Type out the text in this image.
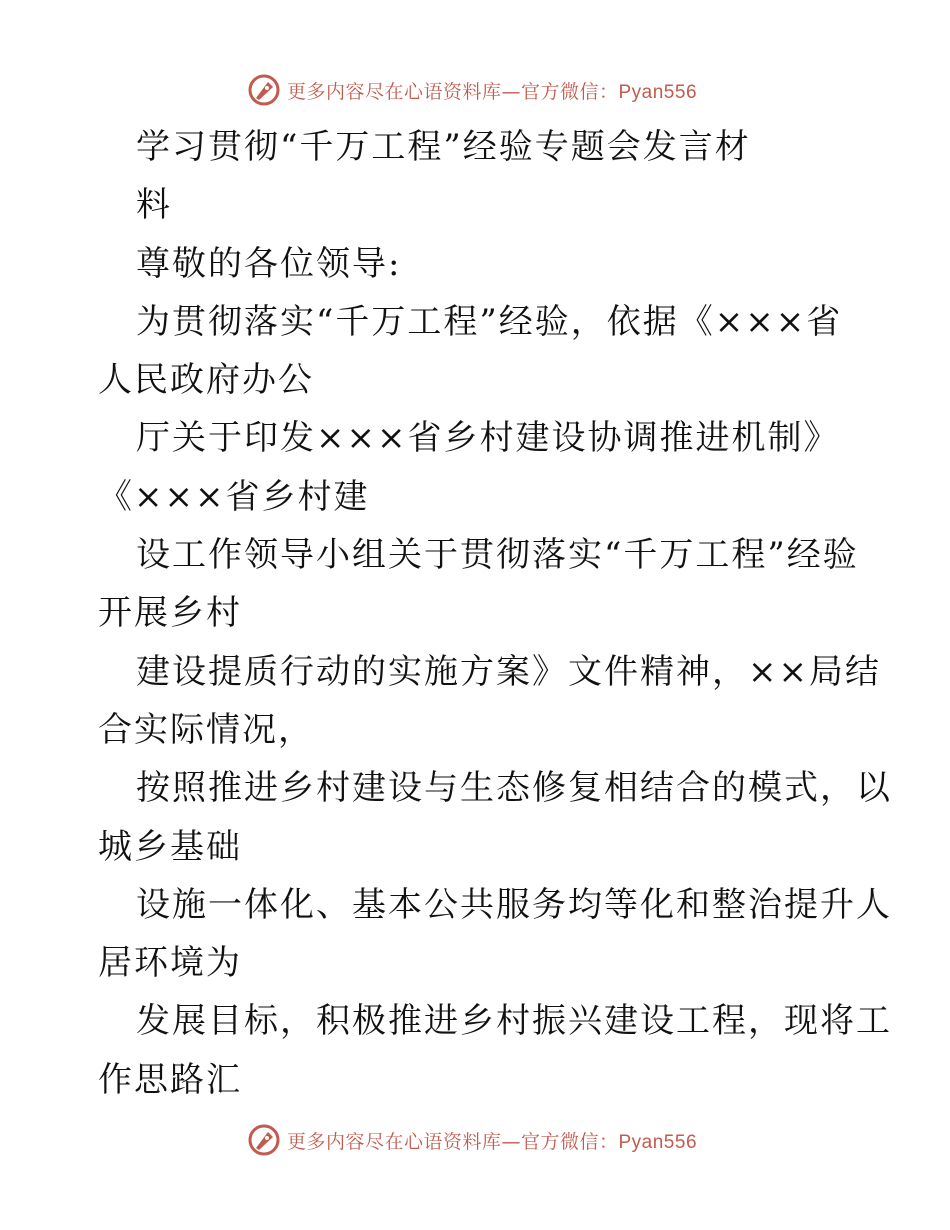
更多内容尽在心语资料库—官方微信：Pyan556
学习贯彻“千万工程”经验专题会发言材
料
尊敬的各位领导:
为贯彻落实“千万工程”经验，依据《×××省
人民政府办公
厅关于印发×××省乡村建设协调推进机制》
《×××省乡村建
设工作领导小组关于贯彻落实“千万工程”经验
开展乡村
建设提质行动的实施方案》文件精神，××局结
合实际情况，
按照推进乡村建设与生态修复相结合的模式，以
城乡基础
设施一体化、基本公共服务均等化和整治提升人
居环境为
发展目标，积极推进乡村振兴建设工程，现将工
作思路汇
更多内容尽在心语资料库—官方微信：Pyan556
